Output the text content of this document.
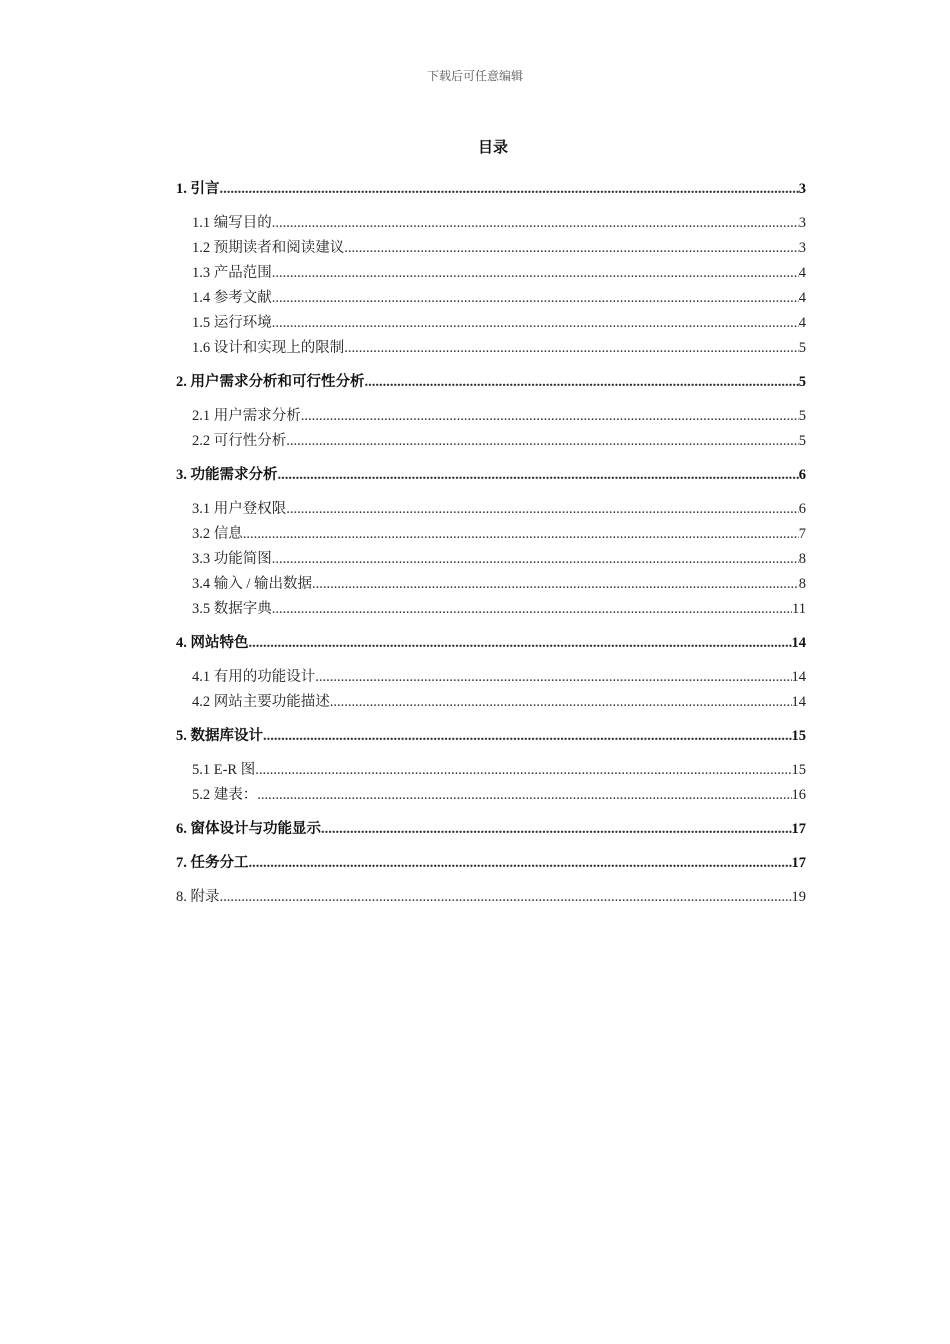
下载后可任意编辑
目录
1. 引言 .....	3
1.1 编写目的 .....	3
1.2 预期读者和阅读建议 .....	3
1.3 产品范围 .....	4
1.4 参考文献 .....	4
1.5 运行环境 .....	4
1.6 设计和实现上的限制 .....	5
2. 用户需求分析和可行性分析 .....	5
2.1 用户需求分析 .....	5
2.2 可行性分析 .....	5
3. 功能需求分析 .....	6
3.1 用户登权限 .....	6
3.2 信息 .....	7
3.3 功能简图 .....	8
3.4 输入 / 输出数据 .....	8
3.5 数据字典 .....	11
4. 网站特色 .....	14
4.1 有用的功能设计 .....	14
4.2 网站主要功能描述 .....	14
5. 数据库设计 .....	15
5.1 E-R 图 .....	15
5.2 建表： .....	16
6. 窗体设计与功能显示 .....	17
7. 任务分工 .....	17
8. 附录 .....	19
